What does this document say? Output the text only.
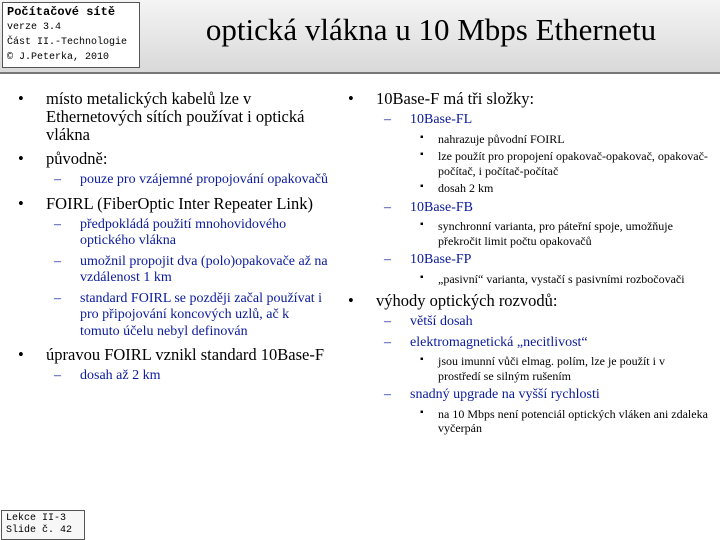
Počítačové sítě
verze 3.4
Část II.-Technologie
© J.Peterka, 2010
optická vlákna u 10 Mbps Ethernetu
• místo metalických kabelů lze v Ethernetových sítích používat i optická vlákna
• původně:
– pouze pro vzájemné propojování opakovačů
• FOIRL (FiberOptic Inter Repeater Link)
– předpokládá použití mnohovidového optického vlákna
– umožnil propojit dva (polo)opakovače až na vzdálenost 1 km
– standard FOIRL se později začal používat i pro připojování koncových uzlů, ač k tomuto účelu nebyl definován
• úpravou FOIRL vznikl standard 10Base-F
– dosah až 2 km
• 10Base-F má tři složky:
– 10Base-FL
▪ nahrazuje původní FOIRL
▪ lze použít pro propojení opakovač-opakovač, opakovač-počítač, i počítač-počítač
▪ dosah 2 km
– 10Base-FB
▪ synchronní varianta, pro páteřní spoje, umožňuje překročit limit počtu opakovačů
– 10Base-FP
▪ „pasivní“ varianta, vystačí s pasivními rozbočovači
• výhody optických rozvodů:
– větší dosah
– elektromagnetická „necitlivost“
▪ jsou imunní vůči elmag. polím, lze je použít i v prostředí se silným rušením
– snadný upgrade na vyšší rychlosti
▪ na 10 Mbps není potenciál optických vláken ani zdaleka vyčerpán
Lekce II-3
Slide č. 42
